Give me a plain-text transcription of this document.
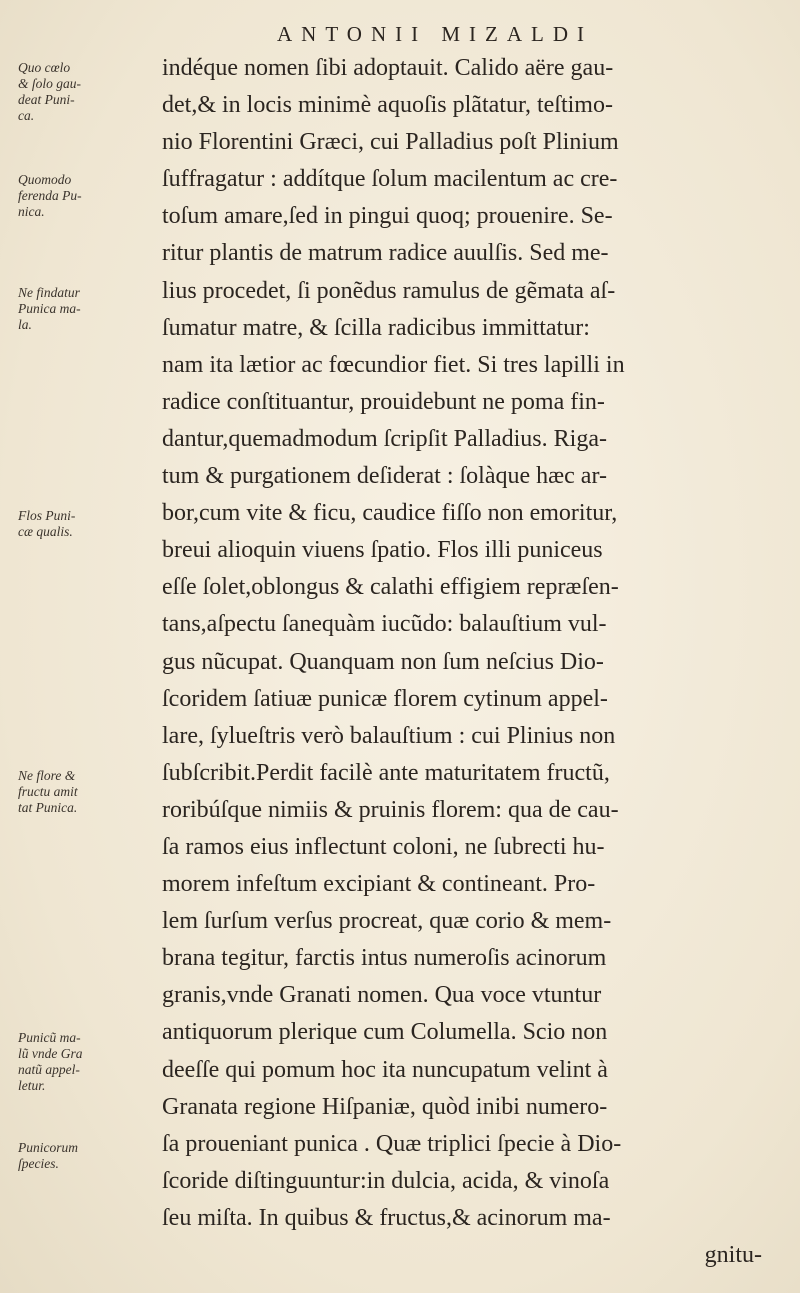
ANTONII MIZALDI
Quo cœlo
& ſolo gau-
deat Puni-
ca.
Quomodo
ferenda Pu-
nica.
Ne findatur
Punica ma-
la.
Flos Puni-
cæ qualis.
Ne flore &
fructu amit
tat Punica.
Punicũ ma-
lũ vnde Gra
natũ appel-
letur.
Punicorum
ſpecies.
indéque nomen ſibi adoptauit. Calido aëre gau-
det,& in locis minimè aquoſis plãtatur, teſtimo-
nio Florentini Græci, cui Palladius poſt Plinium
ſuffragatur : addítque ſolum macilentum ac cre-
toſum amare,ſed in pingui quoq; prouenire. Se-
ritur plantis de matrum radice auulſis. Sed me-
lius procedet, ſi ponẽdus ramulus de gẽmata aſ-
ſumatur matre, & ſcilla radicibus immittatur:
nam ita lætior ac fœcundior fiet. Si tres lapilli in
radice conſtituantur, prouidebunt ne poma fin-
dantur,quemadmodum ſcripſit Palladius. Riga-
tum & purgationem deſiderat : ſolàque hæc ar-
bor,cum vite & ficu, caudice fiſſo non emoritur,
breui alioquin viuens ſpatio. Flos illi puniceus
eſſe ſolet,oblongus & calathi effigiem repræſen-
tans,aſpectu ſanequàm iucũdo: balauſtium vul-
gus nũcupat. Quanquam non ſum neſcius Dio-
ſcoridem ſatiuæ punicæ florem cytinum appel-
lare, ſylueſtris verò balauſtium : cui Plinius non
ſubſcribit.Perdit facilè ante maturitatem fructũ,
roribúſque nimiis & pruinis florem: qua de cau-
ſa ramos eius inflectunt coloni, ne ſubrecti hu-
morem infeſtum excipiant & contineant. Pro-
lem ſurſum verſus procreat, quæ corio & mem-
brana tegitur, farctis intus numeroſis acinorum
granis,vnde Granati nomen. Qua voce vtuntur
antiquorum plerique cum Columella. Scio non
deeſſe qui pomum hoc ita nuncupatum velint à
Granata regione Hiſpaniæ, quòd inibi numero-
ſa proueniant punica . Quæ triplici ſpecie à Dio-
ſcoride diſtinguuntur:in dulcia, acida, & vinoſa
ſeu miſta. In quibus & fructus,& acinorum ma-
gnitu-
